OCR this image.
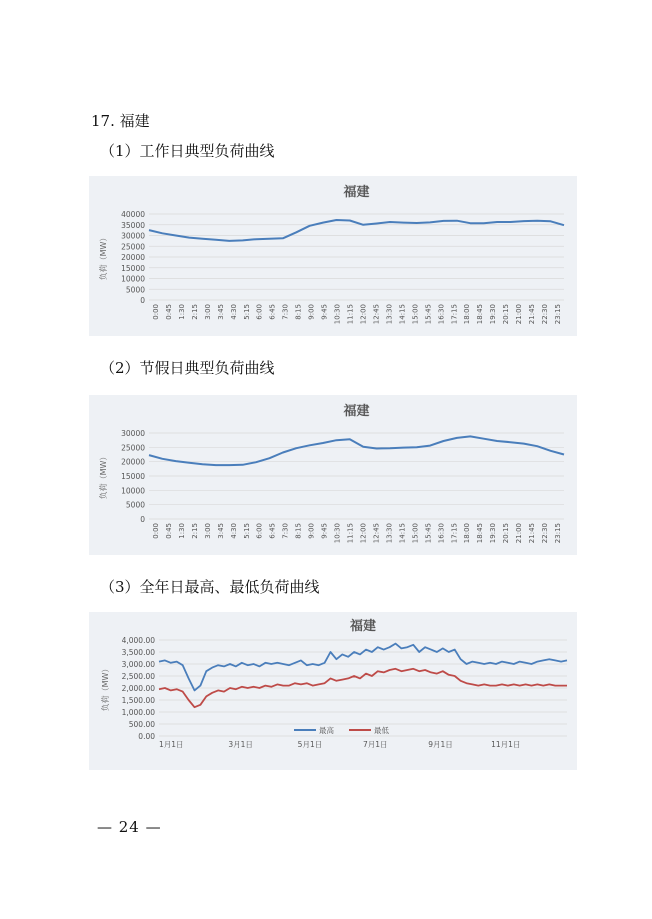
17. 福建
（1）工作日典型负荷曲线
福建
负荷（MW）
0
5000
10000
15000
20000
25000
30000
35000
40000
0:00 0:45 1:30 2:15 3:00 3:45 4:30 5:15 6:00 6:45 7:30 8:15 9:00 9:45 10:30 11:15 12:00 12:45 13:30 14:15 15:00 15:45 16:30 17:15 18:00 18:45 19:30 20:15 21:00 21:45 22:30 23:15
（2）节假日典型负荷曲线
福建
负荷（MW）
0
5000
10000
15000
20000
25000
30000
0:00 0:45 1:30 2:15 3:00 3:45 4:30 5:15 6:00 6:45 7:30 8:15 9:00 9:45 10:30 11:15 12:00 12:45 13:30 14:15 15:00 15:45 16:30 17:15 18:00 18:45 19:30 20:15 21:00 21:45 22:30 23:15
（3）全年日最高、最低负荷曲线
福建
负荷（MW）
0.00
500.00
1,000.00
1,500.00
2,000.00
2,500.00
3,000.00
3,500.00
4,000.00
1月1日	3月1日	5月1日	7月1日	9月1日	11月1日
最高	最低
— 24 —
